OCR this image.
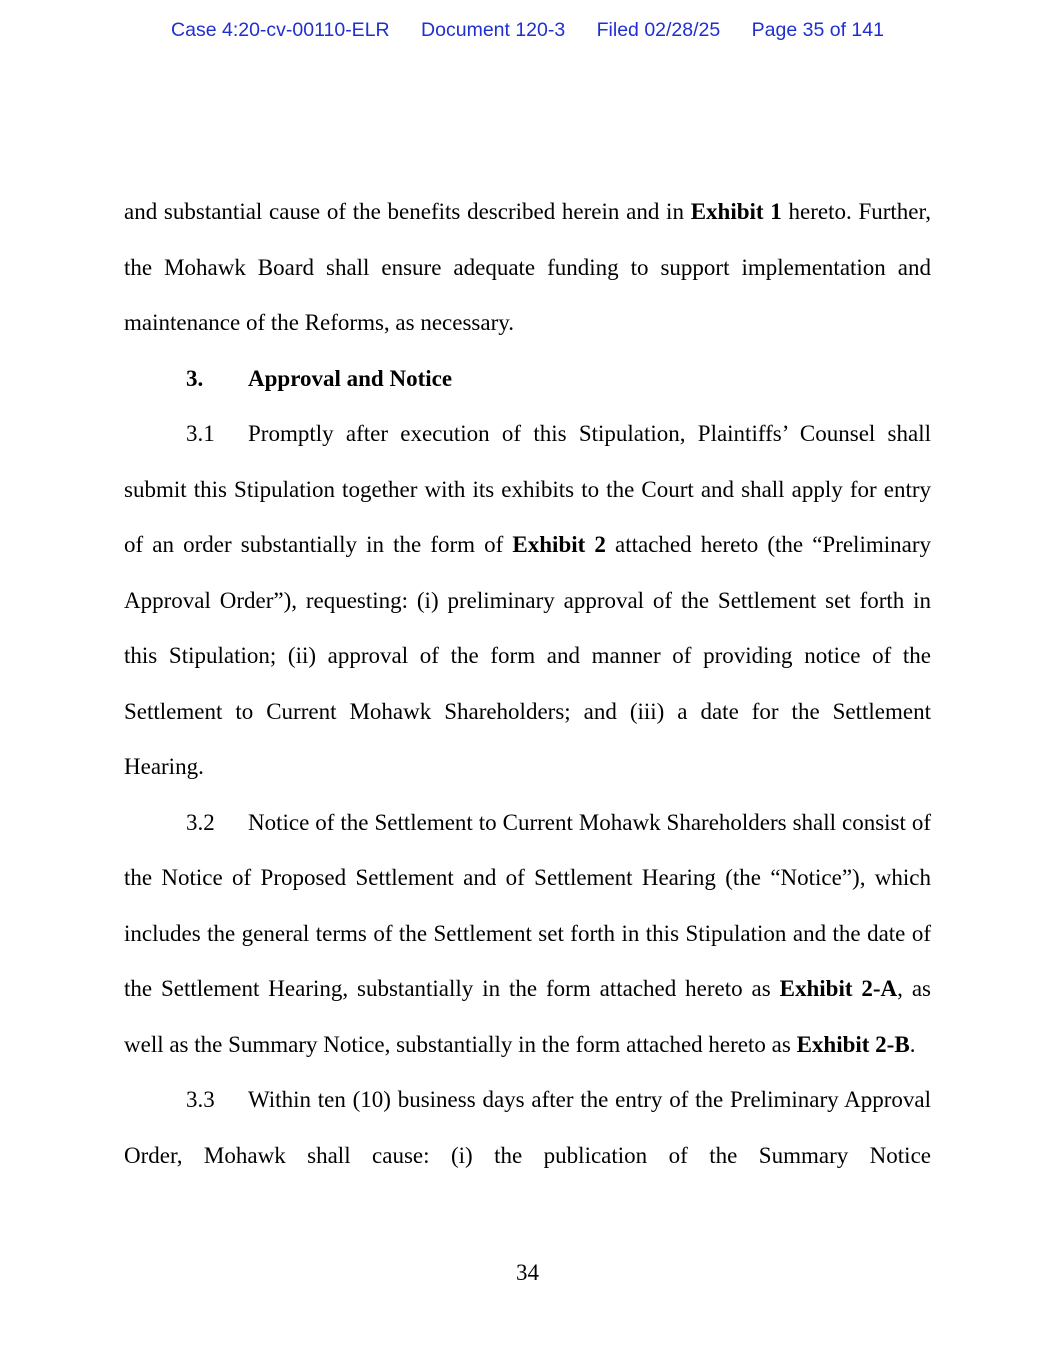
Case 4:20-cv-00110-ELR Document 120-3 Filed 02/28/25 Page 35 of 141

and substantial cause of the benefits described herein and in Exhibit 1 hereto. Further, the Mohawk Board shall ensure adequate funding to support implementation and maintenance of the Reforms, as necessary.

3. Approval and Notice

3.1 Promptly after execution of this Stipulation, Plaintiffs’ Counsel shall submit this Stipulation together with its exhibits to the Court and shall apply for entry of an order substantially in the form of Exhibit 2 attached hereto (the “Preliminary Approval Order”), requesting: (i) preliminary approval of the Settlement set forth in this Stipulation; (ii) approval of the form and manner of providing notice of the Settlement to Current Mohawk Shareholders; and (iii) a date for the Settlement Hearing.

3.2 Notice of the Settlement to Current Mohawk Shareholders shall consist of the Notice of Proposed Settlement and of Settlement Hearing (the “Notice”), which includes the general terms of the Settlement set forth in this Stipulation and the date of the Settlement Hearing, substantially in the form attached hereto as Exhibit 2-A, as well as the Summary Notice, substantially in the form attached hereto as Exhibit 2-B.

3.3 Within ten (10) business days after the entry of the Preliminary Approval Order, Mohawk shall cause: (i) the publication of the Summary Notice

34
